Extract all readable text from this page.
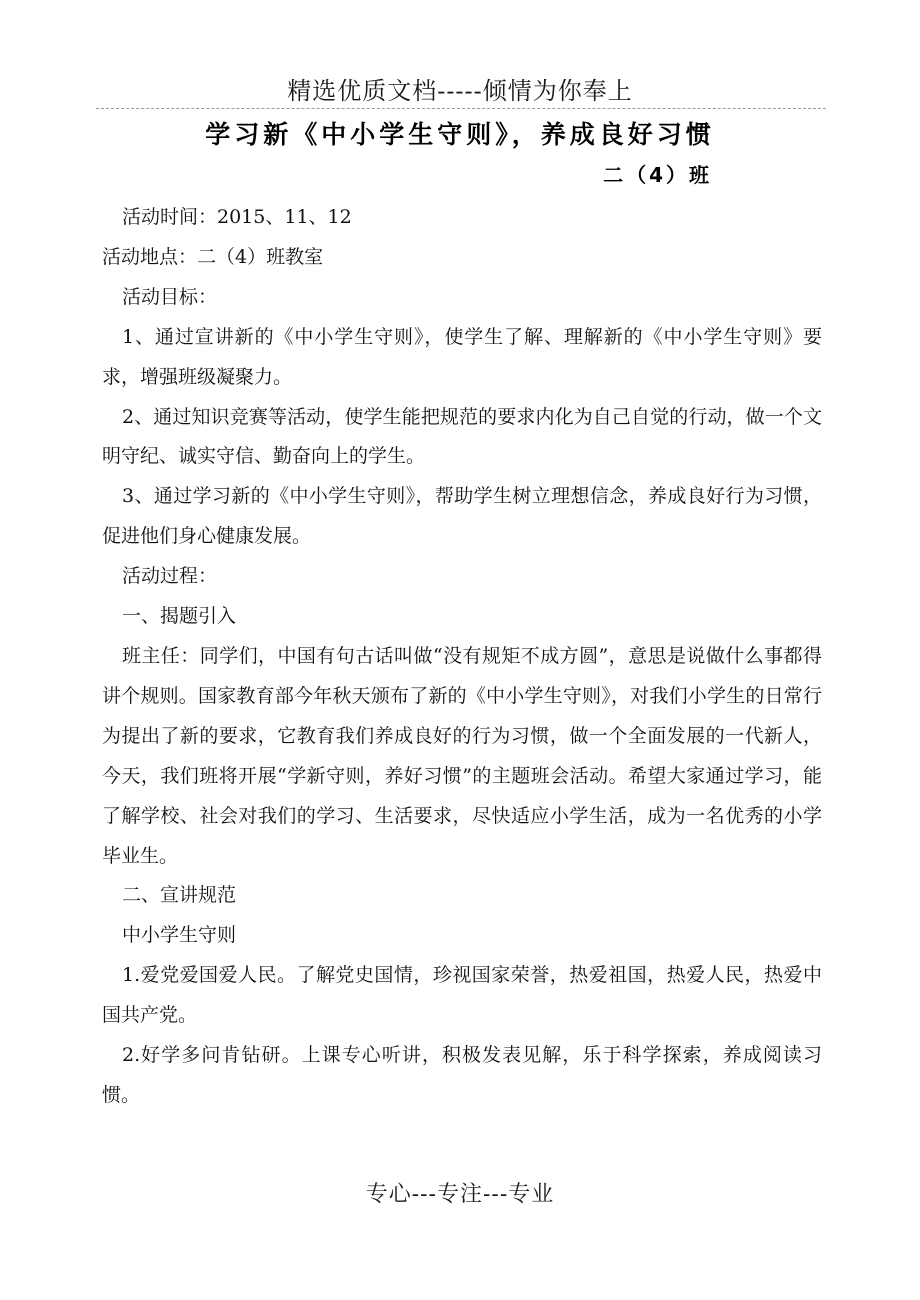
精选优质文档-----倾情为你奉上
学习新《中小学生守则》，养成良好习惯
二（4）班

活动时间：2015、11、12

活动地点：二（4）班教室

活动目标：

1、通过宣讲新的《中小学生守则》，使学生了解、理解新的《中小学生守则》要求，增强班级凝聚力。

2、通过知识竞赛等活动，使学生能把规范的要求内化为自己自觉的行动，做一个文明守纪、诚实守信、勤奋向上的学生。

3、通过学习新的《中小学生守则》，帮助学生树立理想信念，养成良好行为习惯，促进他们身心健康发展。

活动过程：

一、揭题引入

班主任：同学们，中国有句古话叫做“没有规矩不成方圆”，意思是说做什么事都得讲个规则。国家教育部今年秋天颁布了新的《中小学生守则》，对我们小学生的日常行为提出了新的要求，它教育我们养成良好的行为习惯，做一个全面发展的一代新人，今天，我们班将开展“学新守则，养好习惯”的主题班会活动。希望大家通过学习，能了解学校、社会对我们的学习、生活要求，尽快适应小学生活，成为一名优秀的小学毕业生。

二、宣讲规范

中小学生守则

1.爱党爱国爱人民。了解党史国情，珍视国家荣誉，热爱祖国，热爱人民，热爱中国共产党。

2.好学多问肯钻研。上课专心听讲，积极发表见解，乐于科学探索，养成阅读习惯。

专心---专注---专业
